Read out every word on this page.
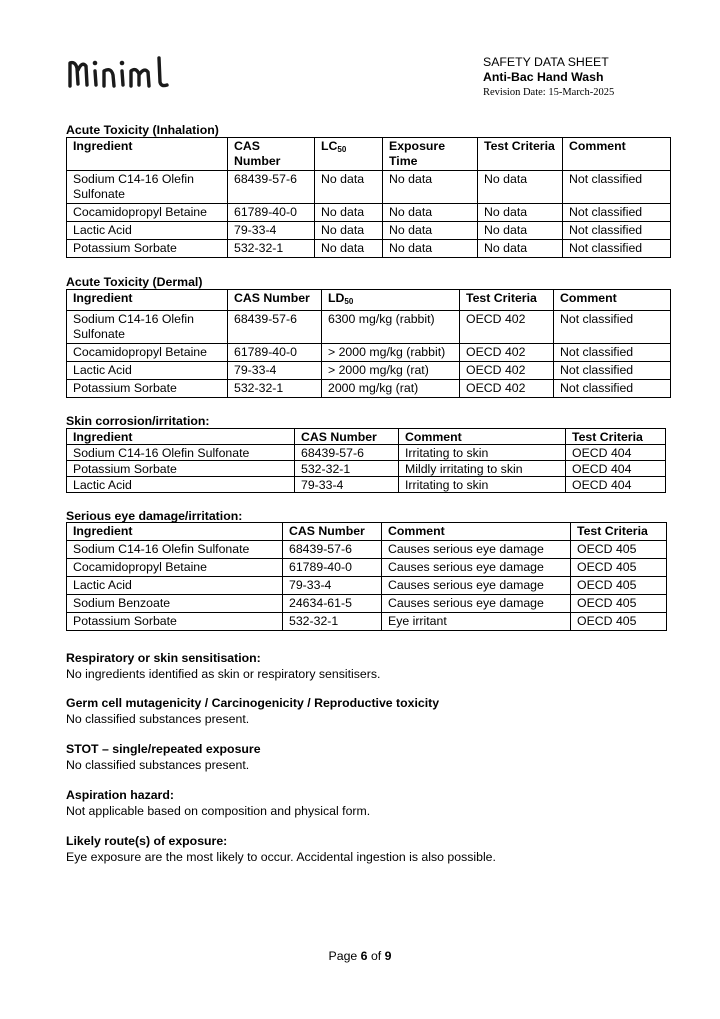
SAFETY DATA SHEET
Anti-Bac Hand Wash
Revision Date: 15-March-2025
Acute Toxicity (Inhalation)
Ingredient	CAS Number	$LC_{50}$	Exposure Time	Test Criteria	Comment
Sodium C14-16 Olefin Sulfonate	68439-57-6	No data	No data	No data	Not classified
Cocamidopropyl Betaine	61789-40-0	No data	No data	No data	Not classified
Lactic Acid	79-33-4	No data	No data	No data	Not classified
Potassium Sorbate	532-32-1	No data	No data	No data	Not classified
Acute Toxicity (Dermal)
Ingredient	CAS Number	$LD_{50}$	Test Criteria	Comment
Sodium C14-16 Olefin Sulfonate	68439-57-6	6300 mg/kg (rabbit)	OECD 402	Not classified
Cocamidopropyl Betaine	61789-40-0	> 2000 mg/kg (rabbit)	OECD 402	Not classified
Lactic Acid	79-33-4	> 2000 mg/kg (rat)	OECD 402	Not classified
Potassium Sorbate	532-32-1	2000 mg/kg (rat)	OECD 402	Not classified
Skin corrosion/irritation:
Ingredient	CAS Number	Comment	Test Criteria
Sodium C14-16 Olefin Sulfonate	68439-57-6	Irritating to skin	OECD 404
Potassium Sorbate	532-32-1	Mildly irritating to skin	OECD 404
Lactic Acid	79-33-4	Irritating to skin	OECD 404
Serious eye damage/irritation:
Ingredient	CAS Number	Comment	Test Criteria
Sodium C14-16 Olefin Sulfonate	68439-57-6	Causes serious eye damage	OECD 405
Cocamidopropyl Betaine	61789-40-0	Causes serious eye damage	OECD 405
Lactic Acid	79-33-4	Causes serious eye damage	OECD 405
Sodium Benzoate	24634-61-5	Causes serious eye damage	OECD 405
Potassium Sorbate	532-32-1	Eye irritant	OECD 405
Respiratory or skin sensitisation:
No ingredients identified as skin or respiratory sensitisers.
Germ cell mutagenicity / Carcinogenicity / Reproductive toxicity
No classified substances present.
STOT – single/repeated exposure
No classified substances present.
Aspiration hazard:
Not applicable based on composition and physical form.
Likely route(s) of exposure:
Eye exposure are the most likely to occur. Accidental ingestion is also possible.
Page 6 of 9
